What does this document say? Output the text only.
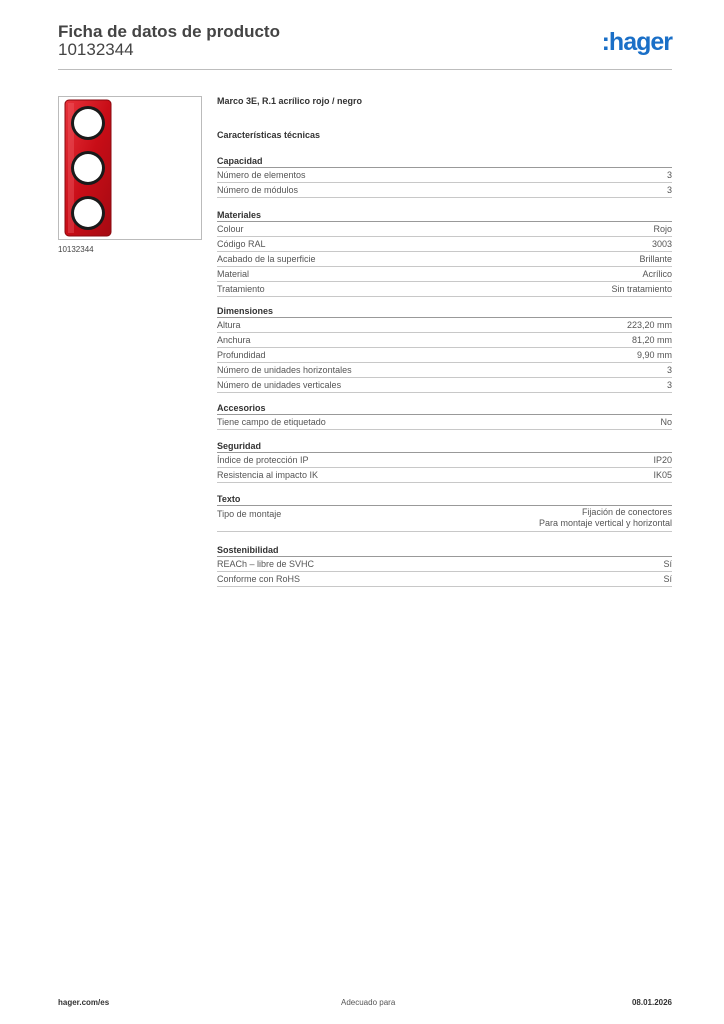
Ficha de datos de producto
10132344	:hager
10132344
Marco 3E, R.1 acrílico rojo / negro
Características técnicas
Capacidad
Número de elementos	3
Número de módulos	3
Materiales
Colour	Rojo
Código RAL	3003
Acabado de la superficie	Brillante
Material	Acrílico
Tratamiento	Sin tratamiento
Dimensiones
Altura	223,20 mm
Anchura	81,20 mm
Profundidad	9,90 mm
Número de unidades horizontales	3
Número de unidades verticales	3
Accesorios
Tiene campo de etiquetado	No
Seguridad
Índice de protección IP	IP20
Resistencia al impacto IK	IK05
Texto
Tipo de montaje	Fijación de conectores
Para montaje vertical y horizontal
Sostenibilidad
REACh – libre de SVHC	Sí
Conforme con RoHS	Sí
hager.com/es	Adecuado para	08.01.2026
